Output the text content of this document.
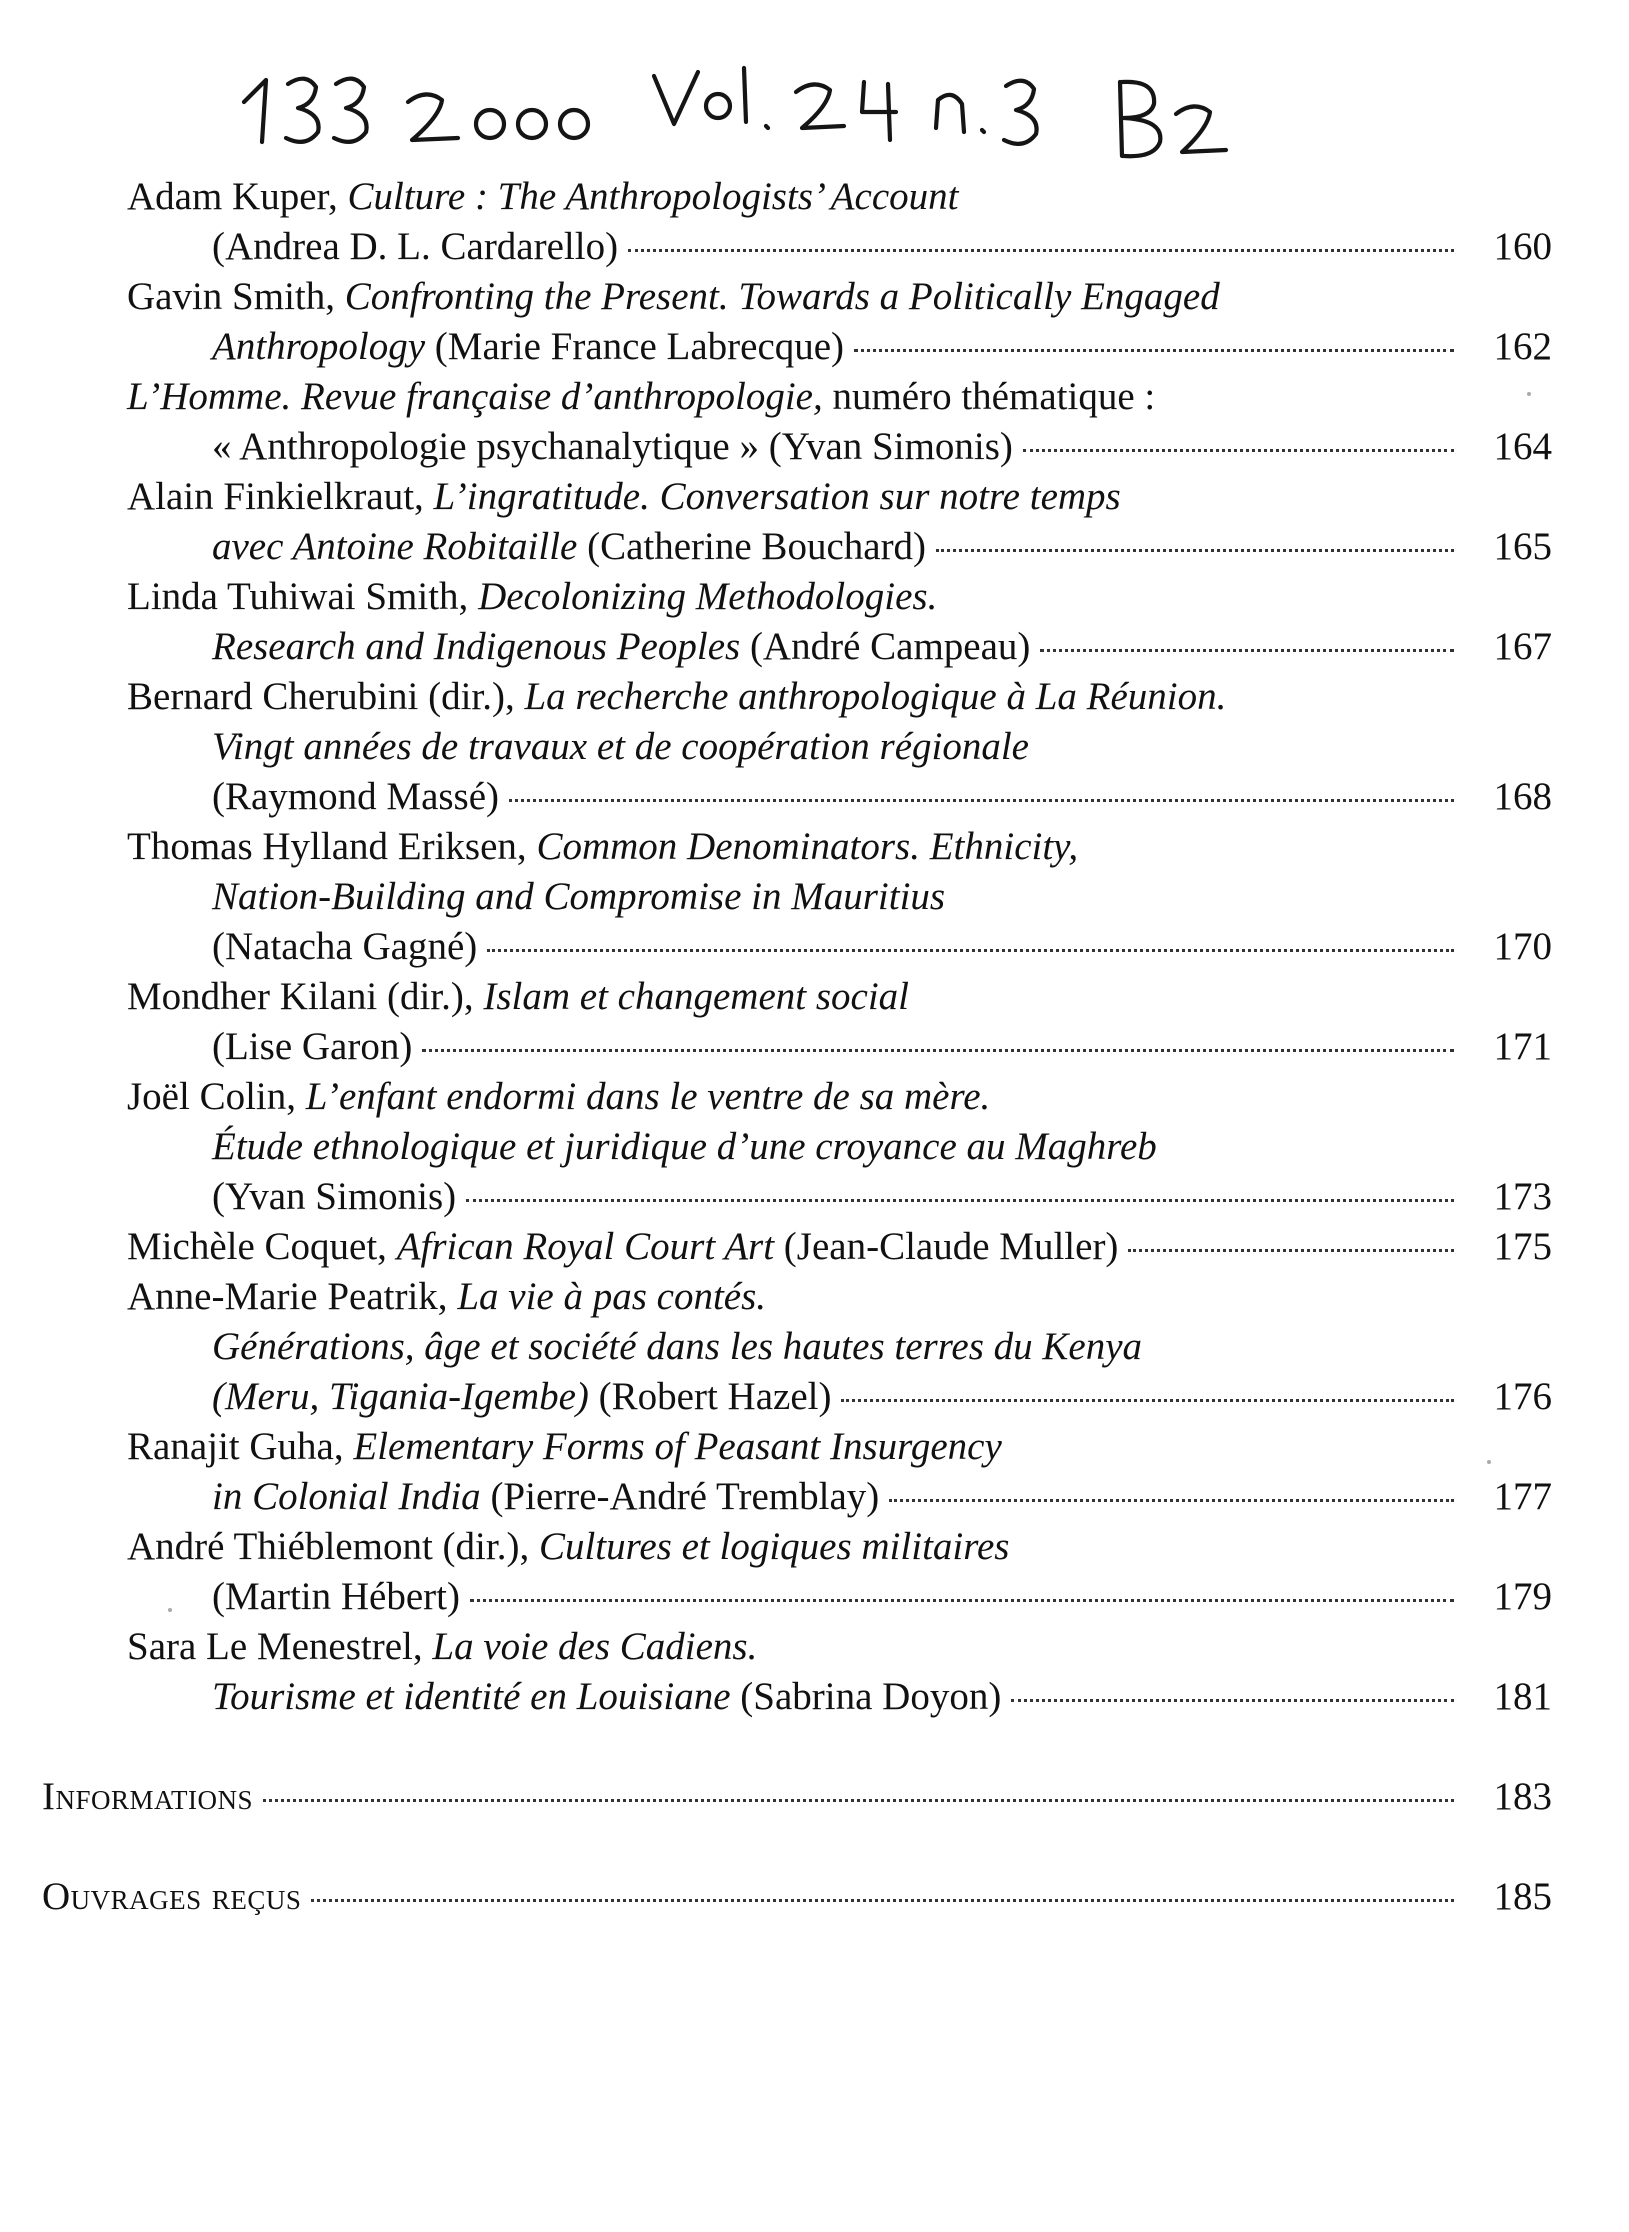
Adam Kuper, Culture : The Anthropologists’ Account
(Andrea D. L. Cardarello)	160
Gavin Smith, Confronting the Present. Towards a Politically Engaged
Anthropology (Marie France Labrecque)	162
L’Homme. Revue française d’anthropologie, numéro thématique :
« Anthropologie psychanalytique » (Yvan Simonis)	164
Alain Finkielkraut, L’ingratitude. Conversation sur notre temps
avec Antoine Robitaille (Catherine Bouchard)	165
Linda Tuhiwai Smith, Decolonizing Methodologies.
Research and Indigenous Peoples (André Campeau)	167
Bernard Cherubini (dir.), La recherche anthropologique à La Réunion.
Vingt années de travaux et de coopération régionale
(Raymond Massé)	168
Thomas Hylland Eriksen, Common Denominators. Ethnicity,
Nation-Building and Compromise in Mauritius
(Natacha Gagné)	170
Mondher Kilani (dir.), Islam et changement social
(Lise Garon)	171
Joël Colin, L’enfant endormi dans le ventre de sa mère.
Étude ethnologique et juridique d’une croyance au Maghreb
(Yvan Simonis)	173
Michèle Coquet, African Royal Court Art (Jean-Claude Muller)	175
Anne-Marie Peatrik, La vie à pas contés.
Générations, âge et société dans les hautes terres du Kenya
(Meru, Tigania-Igembe) (Robert Hazel)	176
Ranajit Guha, Elementary Forms of Peasant Insurgency
in Colonial India (Pierre-André Tremblay)	177
André Thiéblemont (dir.), Cultures et logiques militaires
(Martin Hébert)	179
Sara Le Menestrel, La voie des Cadiens.
Tourisme et identité en Louisiane (Sabrina Doyon)	181
Informations	183
Ouvrages reçus	185
